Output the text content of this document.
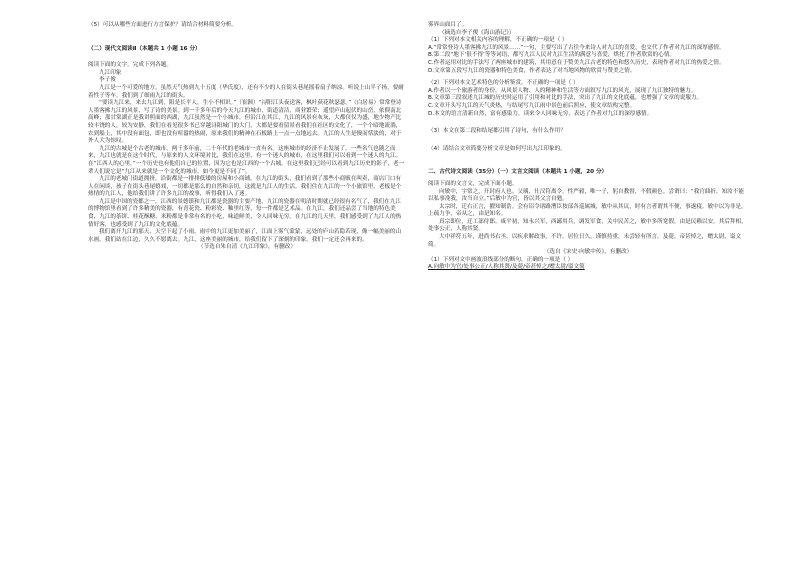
（5）可以从哪些方面进行方言保护？请结合材料简要分析。

（二）现代文阅读Ⅱ（本题共 1 小题 16 分）

阅读下面的文字，完成下列各题。

九江印象

李子俊

九江是一个可爱的地方。虽然天气热到九十五度（华氏度），还有不少的人在街头巷尾摇着扇子纳凉。听说上山半子扬，要耐着性子等车。我们到了细雨九江的街头。

“要读九江来，来去九江到，阳是长平人，生小不相识。”（崔颢）“浔阳江头夜送客，枫叶荻花秋瑟瑟。”（白居易）常常登诗人墨客拂九江的风景，写了诗的美景。到一千多年后的今天九江的城市，街道清洁，商业繁荣；遥望庐山起伏的山峦，依偎南北高峰；那甘棠湖正是我讲照面的西湖，九江虽然是一个小城市，但沿江在其江，九江的风景有灰灰，大都仅仅为盛，地少物产比较丰饶的人，较为安静，我们在看见很多书已穿越浔阳城门的大门，大都是要看留景看我们在社区的文化了，一个个暗地流淌，农到船上，其中没有面包，即也没有喧嚣的热闹，原来我们的精神在石板路上一点一点地远去。九江的人生是慢而恬淡的，对于外人大为惊叹。

九江的古城是个古老的城市，两千多年前，二十年代的老城市一直有名。这座城市的经济不止发展了，一些名气也随之而来，九江也就是在这个时代，与原来的人文环境对比，我们在这里，有一个迷人的城市，在这里我们可以看到一个迷人的九江。在“江西人的心里，”一个历史也有他们自己的位置，因为它也是江西的一个古城，在这里我们已经可以看到九江历史的影子，老一辈人们说它是“九江从来就是一个文化的城市，如今更是不同了”。

九江的老城门街道拥挤，沿街都是一排排低矮的房屋和小商铺。在九江的街头，我们看到了那些小商贩在叫卖，商店门口有人在闲谈，孩子在街头巷尾嬉戏，一切都是那么的自然和亲切，这就是九江人的生活。我们住在九江的一个小旅馆里，老板是个热情的九江人，他给我们讲了许多九江的故事，听得我们入了迷。

九江是中国的瓷都之一，江西的景德镇和九江都是瓷器的主要产地，九江的瓷器在明清时期就已经很有名气了，我们在九江的博物馆里看到了许多精美的瓷器，有青花瓷、粉彩瓷、釉里红等，每一件都是艺术品。在九江，我们还品尝了当地的特色美食，九江的茶饼、桂花酥糖、米粉都是非常有名的小吃，味道鲜美，令人回味无穷。在九江的几天里，我们感受到了九江人的热情好客，也感受到了九江的文化底蕴。

我们离开九江的那天，天空下起了小雨，雨中的九江更加美丽了，江面上雾气蒙蒙，远处的庐山若隐若现，像一幅美丽的山水画。我们站在江边，久久不愿离去。九江，这座美丽的城市，给我们留下了深刻的印象，我们一定还会再来的。

（节选自朱自清《九江印象》，有删改）

雾界山面目了。

（摘选自李子俊《海山游记》）

（1）下列对本文相关内容的理解，不正确的一项是（ ）

A.“常常登诗人墨客拂九江的风景……”一句，主要写出了古往今来诗人对九江的喜爱，也交代了作者对九江的深厚感情。

B.第二段“地下‘很不得’等等词语，都写九江人民对九江生活的满意与喜爱，烘托了作者欣赏的心情。

C.作者运用对比的手法写了两座城市的建筑，其用意在于赞美九江古老的特色和悠久历史，表现作者对九江的热爱之情。

D.文章第五段写九江的瓷器和特色美食，作者表达了对当地风物的欣赏与赞美之情。

（2）下列对本文艺术特色的分析鉴赏，不正确的一项是（ ）

A.作者以一个旅游者的身份，从风景人物、人的精神和生活等方面叙写九江的风光，展现了九江独特的魅力。

B.文章第三段叙述九江城的历史时运用了引用和对比的手法，突出了九江的文化底蕴，也增强了文章的说服力。

C.文章开头写九江的天气炎热，与结尾写九江雨中景色前后照应，使文章结构完整。

D.本文的语言清新自然，富有感染力，读来令人回味无穷，表达了作者对九江的深厚感情。

（3）本文在第二段和结尾都引用了诗句，有什么作用？

（4）请结合文章简要分析文章是如何写出九江印象的。

二、古代诗文阅读（35分）（一）文言文阅读（本题共 1 小题，20 分）

阅读下面的文言文，完成下面小题。

向敏中，字常之，开封府人也。父瑀，仕汉符离令。性严毅，唯一子，躬自教督，不假颜色。尝谓曰：“我官曲折，知汝不能以私事凂我，汝当自立。”后敏中为官，皆以其父言自勉。

太宗时，迁右正言，擢知制诰。会有诏令诸路漕臣按部各巡属城，敏中从其议，时有言者谓其不便，事遂寝。敏中以为非是，上疏力争，帝从之，由是知名。

真宗即位，迁工部侍郎。咸平初，知永兴军，西鄙用兵，调发军食，关中民苦之，敏中多所宽假，由是民赖以安。其后拜相，处事公正，人称其贤。

大中祥符五年，进尚书右丞，以疾求解政事，不许。居位日久，谨慎持重，未尝轻有所言。及薨，帝甚悼之，赠太尉，谥文简。

（选自《宋史·向敏中传》，有删改）

（1）下列对文中画波浪线部分的断句，正确的一项是（ ）

A.向敏中为官/处事公正/人称其贤/及薨/帝甚悼之/赠太尉/谥文简
